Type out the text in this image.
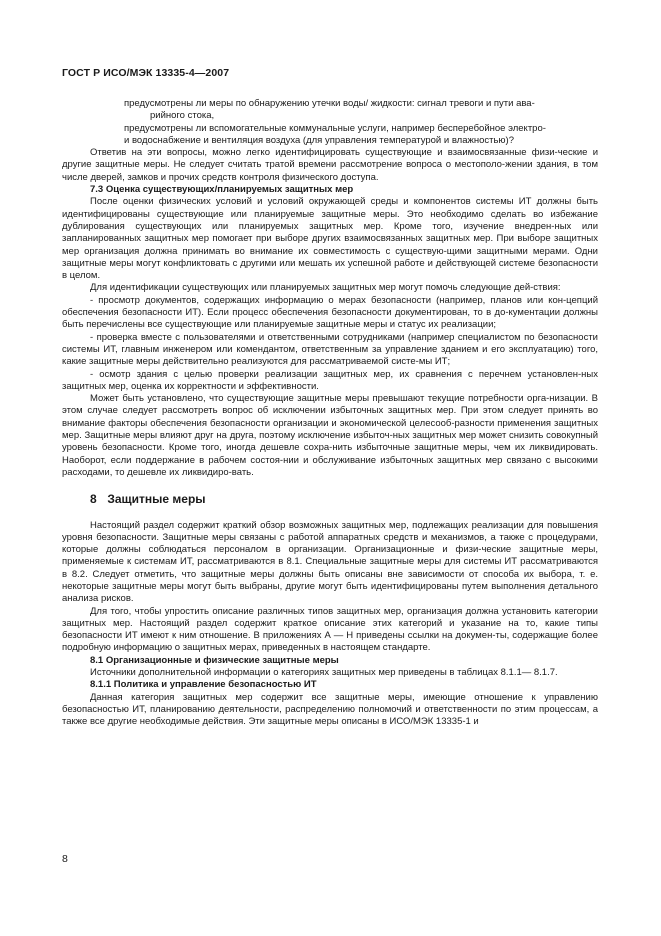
ГОСТ Р ИСО/МЭК 13335-4—2007

предусмотрены ли меры по обнаружению утечки воды/ жидкости: сигнал тревоги и пути ава-

рийного стока,

предусмотрены ли вспомогательные коммунальные услуги, например бесперебойное электро-

и водоснабжение и вентиляция воздуха (для управления температурой и влажностью)?

Ответив на эти вопросы, можно легко идентифицировать существующие и взаимосвязанные физи-ческие и другие защитные меры. Не следует считать тратой времени рассмотрение вопроса о местополо-жении здания, в том числе дверей, замков и прочих средств контроля физического доступа.

7.3 Оценка существующих/планируемых защитных мер

После оценки физических условий и условий окружающей среды и компонентов системы ИТ должны быть идентифицированы существующие или планируемые защитные меры. Это необходимо сделать во избежание дублирования существующих или планируемых защитных мер. Кроме того, изучение внедрен-ных или запланированных защитных мер помогает при выборе других взаимосвязанных защитных мер. При выборе защитных мер организация должна принимать во внимание их совместимость с существую-щими защитными мерами. Одни защитные меры могут конфликтовать с другими или мешать их успешной работе и действующей системе безопасности в целом.

Для идентификации существующих или планируемых защитных мер могут помочь следующие дей-ствия:

- просмотр документов, содержащих информацию о мерах безопасности (например, планов или кон-цепций обеспечения безопасности ИТ). Если процесс обеспечения безопасности документирован, то в до-кументации должны быть перечислены все существующие или планируемые защитные меры и статус их реализации;

- проверка вместе с пользователями и ответственными сотрудниками (например специалистом по безопасности системы ИТ, главным инженером или комендантом, ответственным за управление зданием и его эксплуатацию) того, какие защитные меры действительно реализуются для рассматриваемой систе-мы ИТ;

- осмотр здания с целью проверки реализации защитных мер, их сравнения с перечнем установлен-ных защитных мер, оценка их корректности и эффективности.

Может быть установлено, что существующие защитные меры превышают текущие потребности орга-низации. В этом случае следует рассмотреть вопрос об исключении избыточных защитных мер. При этом следует принять во внимание факторы обеспечения безопасности организации и экономической целесооб-разности применения защитных мер. Защитные меры влияют друг на друга, поэтому исключение избыточ-ных защитных мер может снизить совокупный уровень безопасности. Кроме того, иногда дешевле сохра-нить избыточные защитные меры, чем их ликвидировать. Наоборот, если поддержание в рабочем состоя-нии и обслуживание избыточных защитных мер связано с высокими расходами, то дешевле их ликвидиро-вать.

8 Защитные меры

Настоящий раздел содержит краткий обзор возможных защитных мер, подлежащих реализации для повышения уровня безопасности. Защитные меры связаны с работой аппаратных средств и механизмов, а также с процедурами, которые должны соблюдаться персоналом в организации. Организационные и физи-ческие защитные меры, применяемые к системам ИТ, рассматриваются в 8.1. Специальные защитные меры для системы ИТ рассматриваются в 8.2. Следует отметить, что защитные меры должны быть описаны вне зависимости от способа их выбора, т. е. некоторые защитные меры могут быть выбраны, другие могут быть идентифицированы путем выполнения детального анализа рисков.

Для того, чтобы упростить описание различных типов защитных мер, организация должна установить категории защитных мер. Настоящий раздел содержит краткое описание этих категорий и указание на то, какие типы безопасности ИТ имеют к ним отношение. В приложениях А — Н приведены ссылки на докумен-ты, содержащие более подробную информацию о защитных мерах, приведенных в настоящем стандарте.

8.1 Организационные и физические защитные меры

Источники дополнительной информации о категориях защитных мер приведены в таблицах 8.1.1— 8.1.7.

8.1.1 Политика и управление безопасностью ИТ

Данная категория защитных мер содержит все защитные меры, имеющие отношение к управлению безопасностью ИТ, планированию деятельности, распределению полномочий и ответственности по этим процессам, а также все другие необходимые действия. Эти защитные меры описаны в ИСО/МЭК 13335-1 и

8
